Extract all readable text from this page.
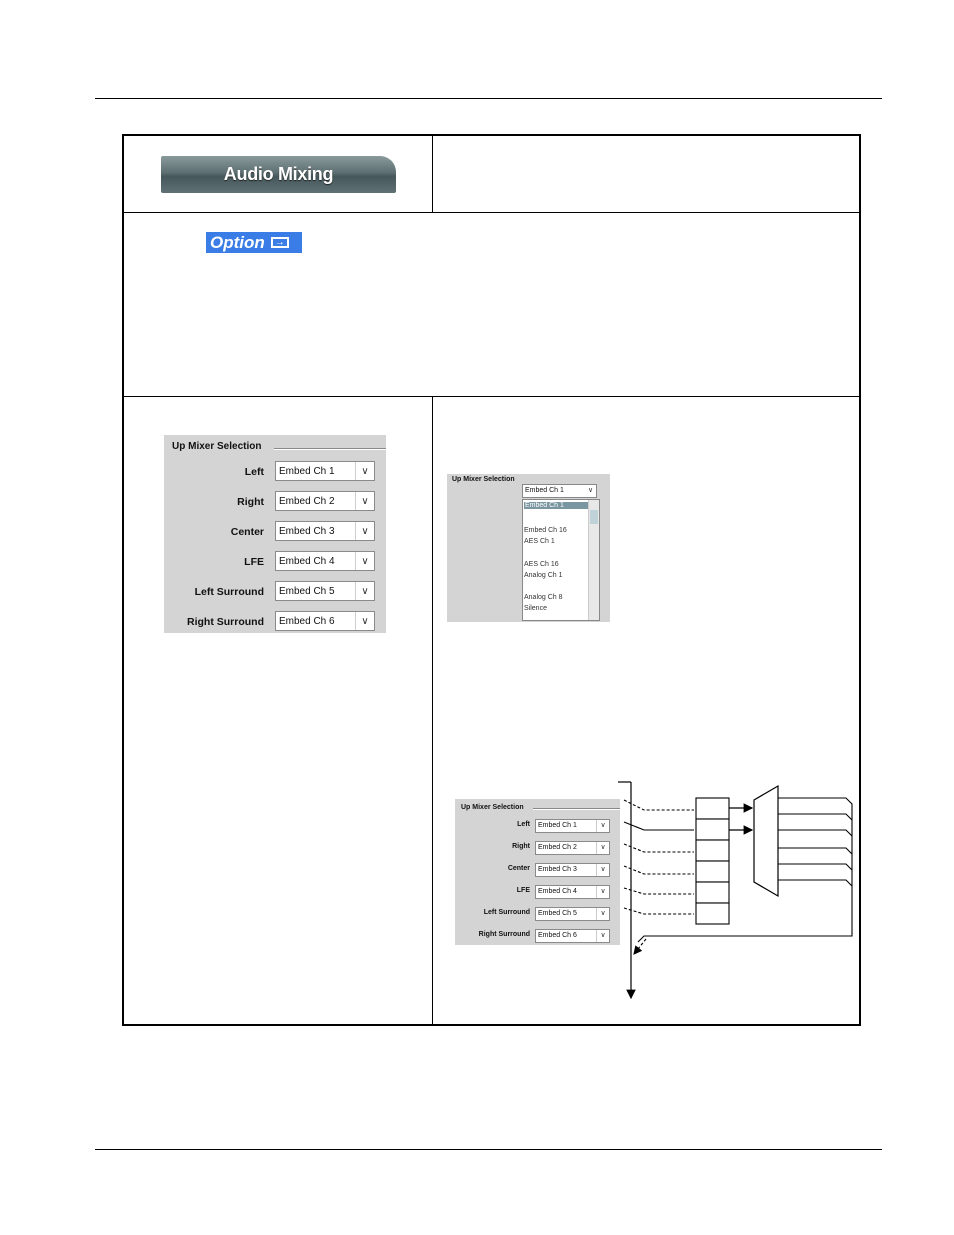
Audio Mixing
Option	→
Up Mixer Selection
Left Embed Ch 1	∨
Right Embed Ch 2	∨
Center Embed Ch 3	∨
LFE Embed Ch 4	∨
Left Surround Embed Ch 5	∨
Right Surround Embed Ch 6	∨
Up Mixer Selection
Embed Ch 1	∨
Embed Ch 1
Embed Ch 16
AES Ch 1
AES Ch 16
Analog Ch 1
Analog Ch 8
Silence
Up Mixer Selection
Left Embed Ch 1	∨
Right Embed Ch 2	∨
Center Embed Ch 3	∨
LFE Embed Ch 4	∨
Left Surround Embed Ch 5	∨
Right Surround Embed Ch 6	∨
